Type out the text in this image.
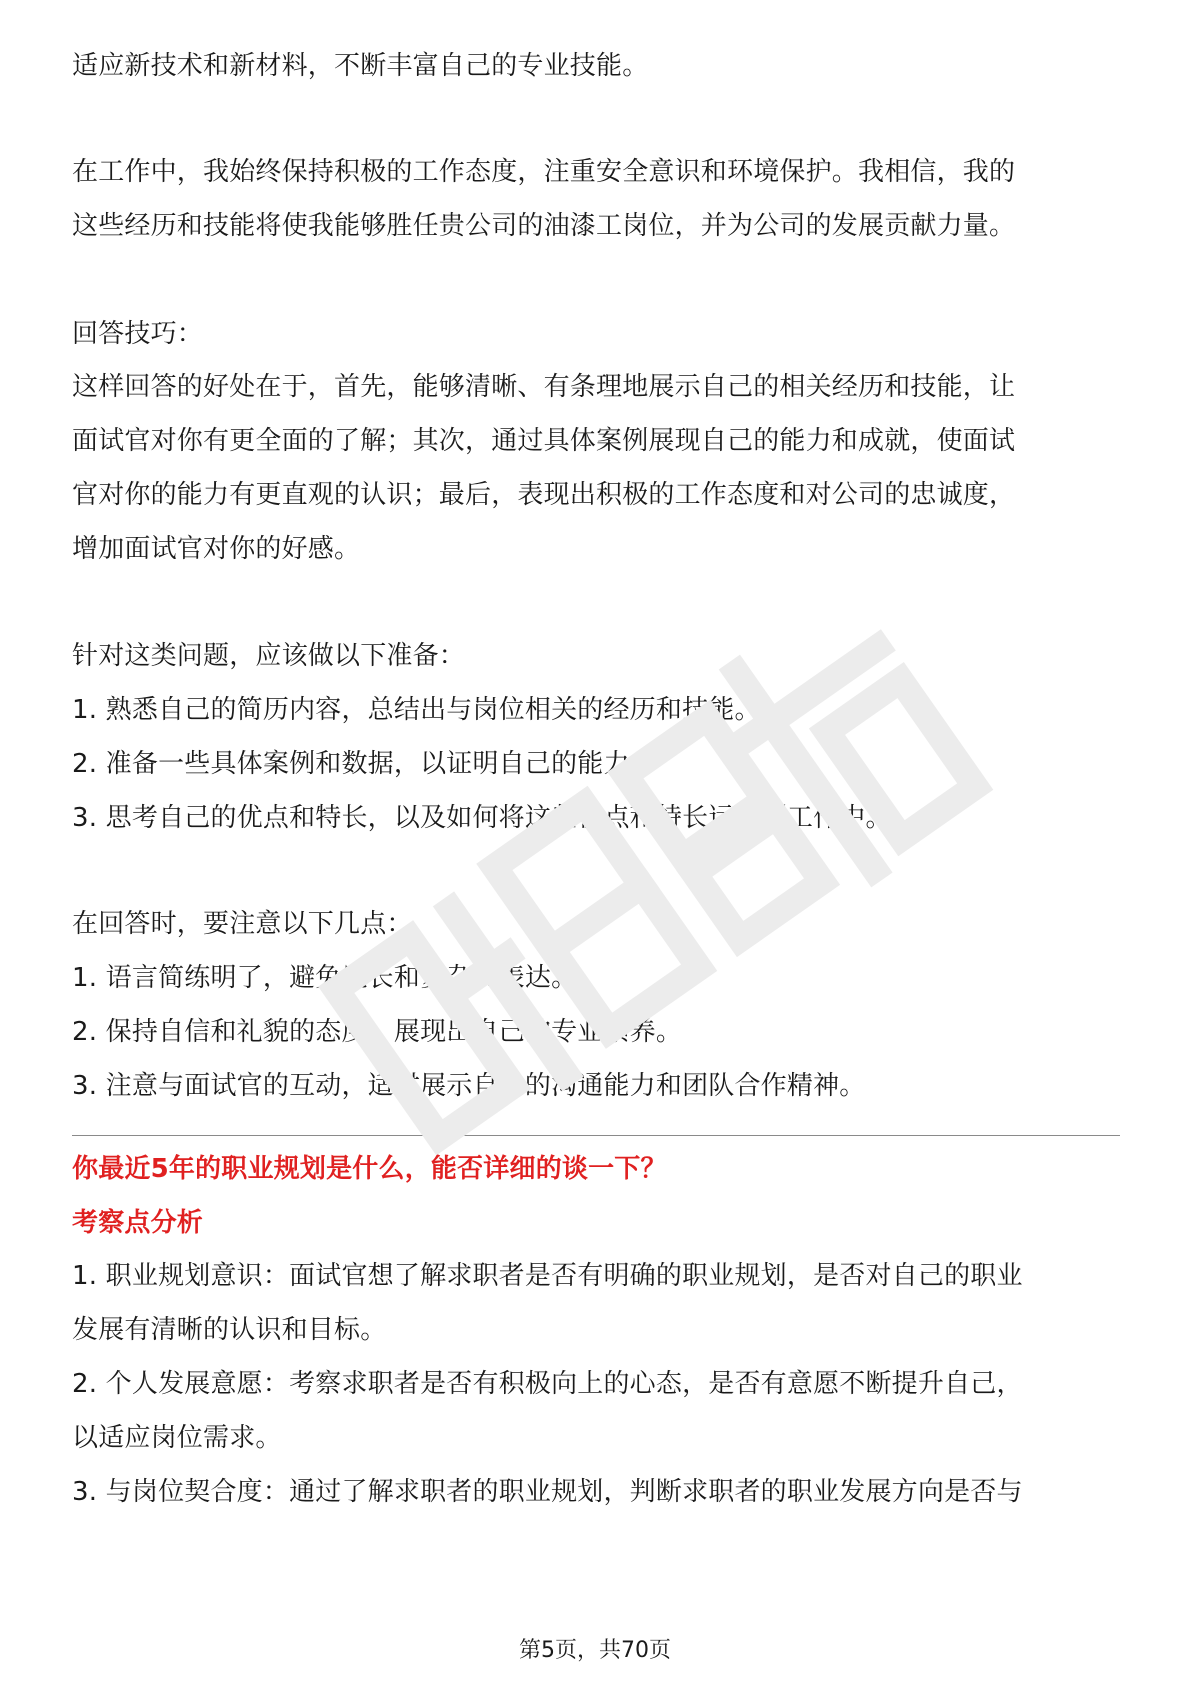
适应新技术和新材料，不断丰富自己的专业技能。
在工作中，我始终保持积极的工作态度，注重安全意识和环境保护。我相信，我的
这些经历和技能将使我能够胜任贵公司的油漆工岗位，并为公司的发展贡献力量。
回答技巧：
这样回答的好处在于，首先，能够清晰、有条理地展示自己的相关经历和技能，让
面试官对你有更全面的了解；其次，通过具体案例展现自己的能力和成就，使面试
官对你的能力有更直观的认识；最后，表现出积极的工作态度和对公司的忠诚度，
增加面试官对你的好感。
针对这类问题，应该做以下准备：
1. 熟悉自己的简历内容，总结出与岗位相关的经历和技能。
2. 准备一些具体案例和数据，以证明自己的能力。
3. 思考自己的优点和特长，以及如何将这些优点和特长运用到工作中。
在回答时，要注意以下几点：
1. 语言简练明了，避免冗长和复杂的表达。
2. 保持自信和礼貌的态度，展现出自己的专业素养。
3. 注意与面试官的互动，适时展示自己的沟通能力和团队合作精神。
你最近5年的职业规划是什么，能否详细的谈一下？
考察点分析
1. 职业规划意识：面试官想了解求职者是否有明确的职业规划，是否对自己的职业
发展有清晰的认识和目标。
2. 个人发展意愿：考察求职者是否有积极向上的心态，是否有意愿不断提升自己，
以适应岗位需求。
3. 与岗位契合度：通过了解求职者的职业规划，判断求职者的职业发展方向是否与
第5页，共70页
